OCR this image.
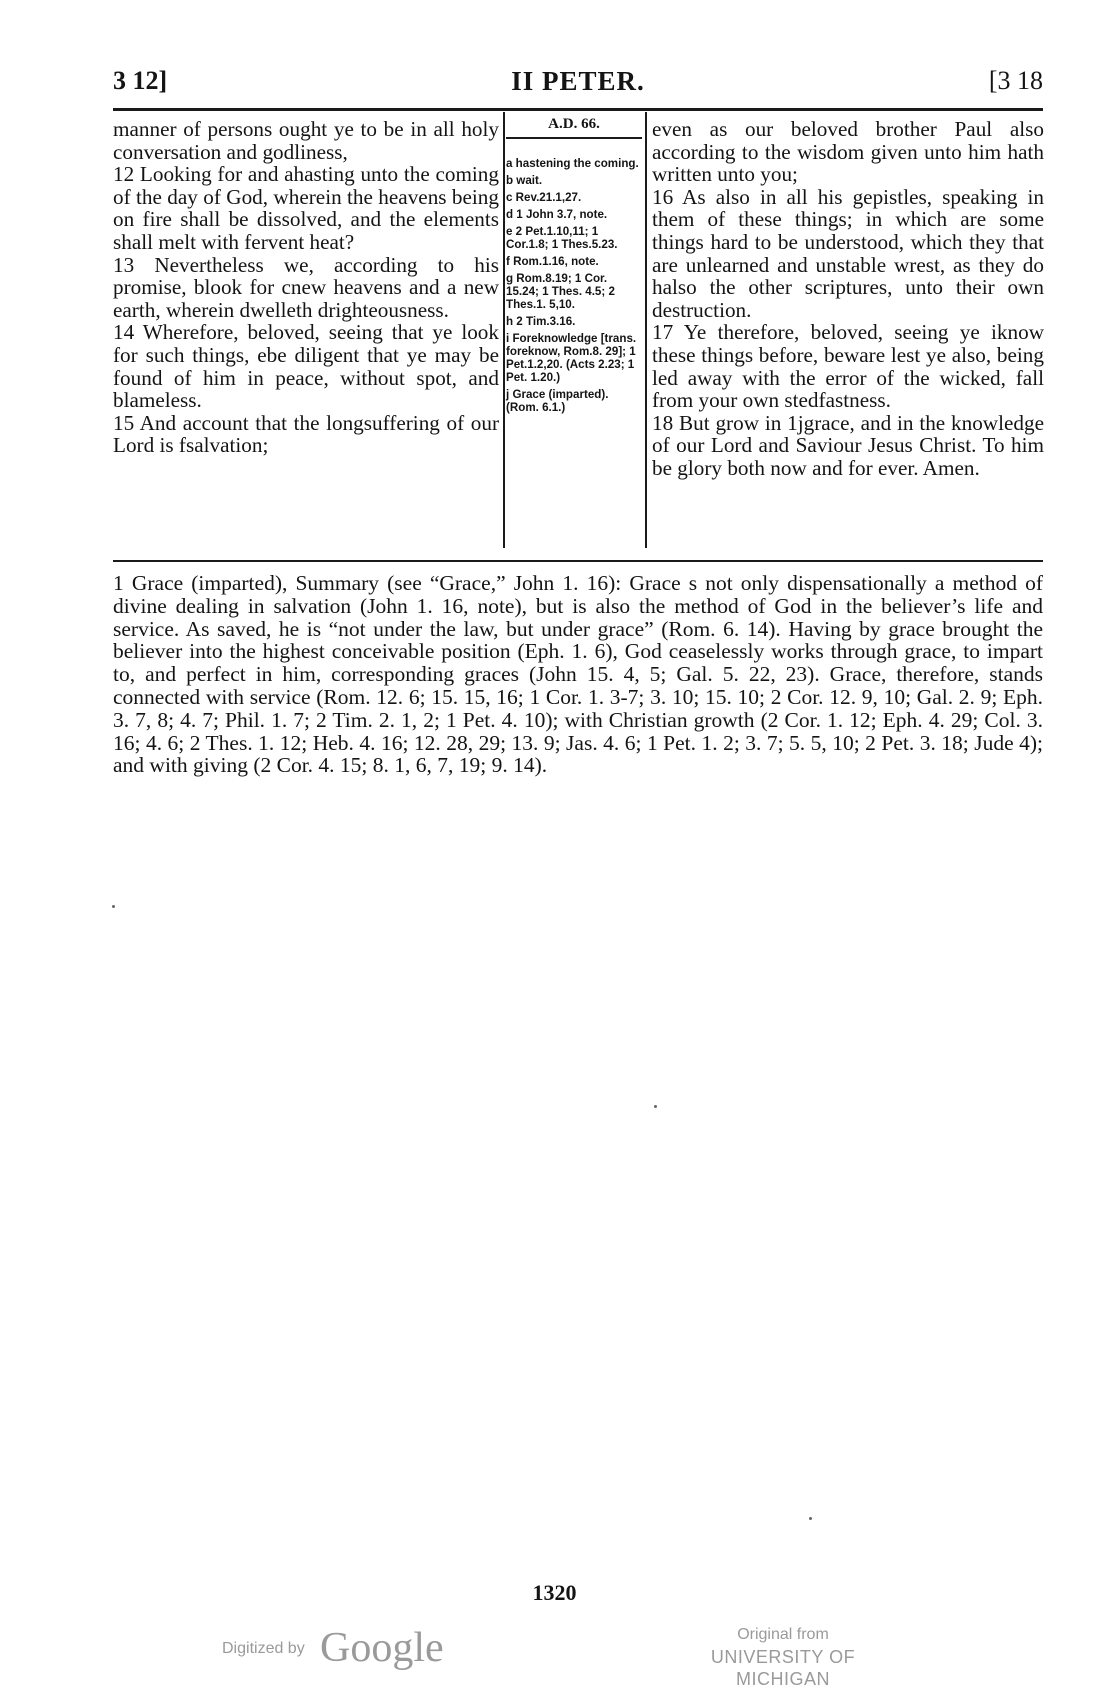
3 12]	II PETER.	[3 18

manner of persons ought ye to be in all holy conversation and godliness,

12 Looking for and ahasting unto the coming of the day of God, wherein the heavens being on fire shall be dissolved, and the elements shall melt with fervent heat?

13 Nevertheless we, according to his promise, blook for cnew heavens and a new earth, wherein dwelleth drighteousness.

14 Wherefore, beloved, seeing that ye look for such things, ebe diligent that ye may be found of him in peace, without spot, and blameless.

15 And account that the longsuffering of our Lord is fsalvation;

A.D. 66.

a hastening the coming.

b wait.

c Rev.21.1,27.

d 1 John 3.7, note.

e 2 Pet.1.10,11; 1 Cor.1.8; 1 Thes.5.23.

f Rom.1.16, note.

g Rom.8.19; 1 Cor. 15.24; 1 Thes. 4.5; 2 Thes.1. 5,10.

h 2 Tim.3.16.

i Foreknowledge [trans. foreknow, Rom.8. 29]; 1 Pet.1.2,20. (Acts 2.23; 1 Pet. 1.20.)

j Grace (imparted). (Rom. 6.1.)

even as our beloved brother Paul also according to the wisdom given unto him hath written unto you;

16 As also in all his gepistles, speaking in them of these things; in which are some things hard to be understood, which they that are unlearned and unstable wrest, as they do halso the other scriptures, unto their own destruction.

17 Ye therefore, beloved, seeing ye iknow these things before, beware lest ye also, being led away with the error of the wicked, fall from your own stedfastness.

18 But grow in 1jgrace, and in the knowledge of our Lord and Saviour Jesus Christ. To him be glory both now and for ever. Amen.

1 Grace (imparted), Summary (see “Grace,” John 1. 16): Grace s not only dispensationally a method of divine dealing in salvation (John 1. 16, note), but is also the method of God in the believer’s life and service. As saved, he is “not under the law, but under grace” (Rom. 6. 14). Having by grace brought the believer into the highest conceivable position (Eph. 1. 6), God ceaselessly works through grace, to impart to, and perfect in him, corresponding graces (John 15. 4, 5; Gal. 5. 22, 23). Grace, therefore, stands connected with service (Rom. 12. 6; 15. 15, 16; 1 Cor. 1. 3-7; 3. 10; 15. 10; 2 Cor. 12. 9, 10; Gal. 2. 9; Eph. 3. 7, 8; 4. 7; Phil. 1. 7; 2 Tim. 2. 1, 2; 1 Pet. 4. 10); with Christian growth (2 Cor. 1. 12; Eph. 4. 29; Col. 3. 16; 4. 6; 2 Thes. 1. 12; Heb. 4. 16; 12. 28, 29; 13. 9; Jas. 4. 6; 1 Pet. 1. 2; 3. 7; 5. 5, 10; 2 Pet. 3. 18; Jude 4); and with giving (2 Cor. 4. 15; 8. 1, 6, 7, 19; 9. 14).

1320
Digitized by Google	Original from
UNIVERSITY OF MICHIGAN
